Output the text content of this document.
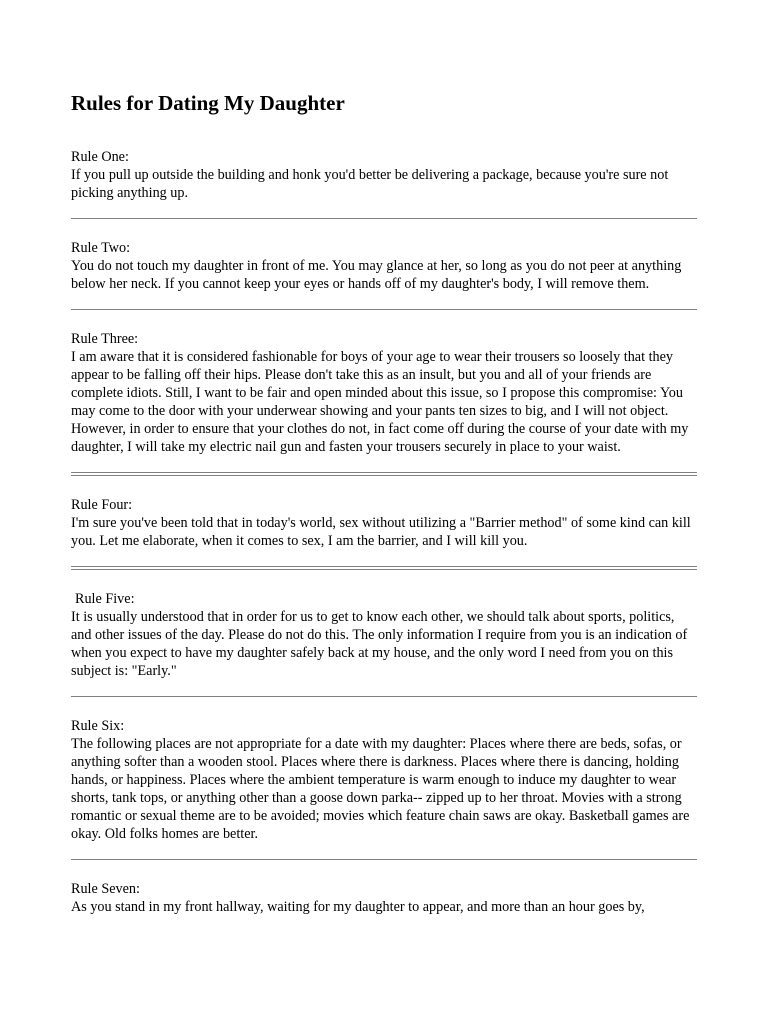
Rules for Dating My Daughter
Rule One:
If you pull up outside the building and honk you'd better be delivering a package, because you're sure not picking anything up.
Rule Two:
You do not touch my daughter in front of me. You may glance at her, so long as you do not peer at anything below her neck. If you cannot keep your eyes or hands off of my daughter's body, I will remove them.
Rule Three:
I am aware that it is considered fashionable for boys of your age to wear their trousers so loosely that they appear to be falling off their hips. Please don't take this as an insult, but you and all of your friends are complete idiots. Still, I want to be fair and open minded about this issue, so I propose this compromise: You may come to the door with your underwear showing and your pants ten sizes to big, and I will not object. However, in order to ensure that your clothes do not, in fact come off during the course of your date with my daughter, I will take my electric nail gun and fasten your trousers securely in place to your waist.
Rule Four:
I'm sure you've been told that in today's world, sex without utilizing a "Barrier method" of some kind can kill you. Let me elaborate, when it comes to sex, I am the barrier, and I will kill you.
Rule Five:
It is usually understood that in order for us to get to know each other, we should talk about sports, politics, and other issues of the day. Please do not do this. The only information I require from you is an indication of when you expect to have my daughter safely back at my house, and the only word I need from you on this subject is: "Early."
Rule Six:
The following places are not appropriate for a date with my daughter: Places where there are beds, sofas, or anything softer than a wooden stool. Places where there is darkness. Places where there is dancing, holding hands, or happiness. Places where the ambient temperature is warm enough to induce my daughter to wear shorts, tank tops, or anything other than a goose down parka-- zipped up to her throat. Movies with a strong romantic or sexual theme are to be avoided; movies which feature chain saws are okay. Basketball games are okay. Old folks homes are better.
Rule Seven:
As you stand in my front hallway, waiting for my daughter to appear, and more than an hour goes by,
